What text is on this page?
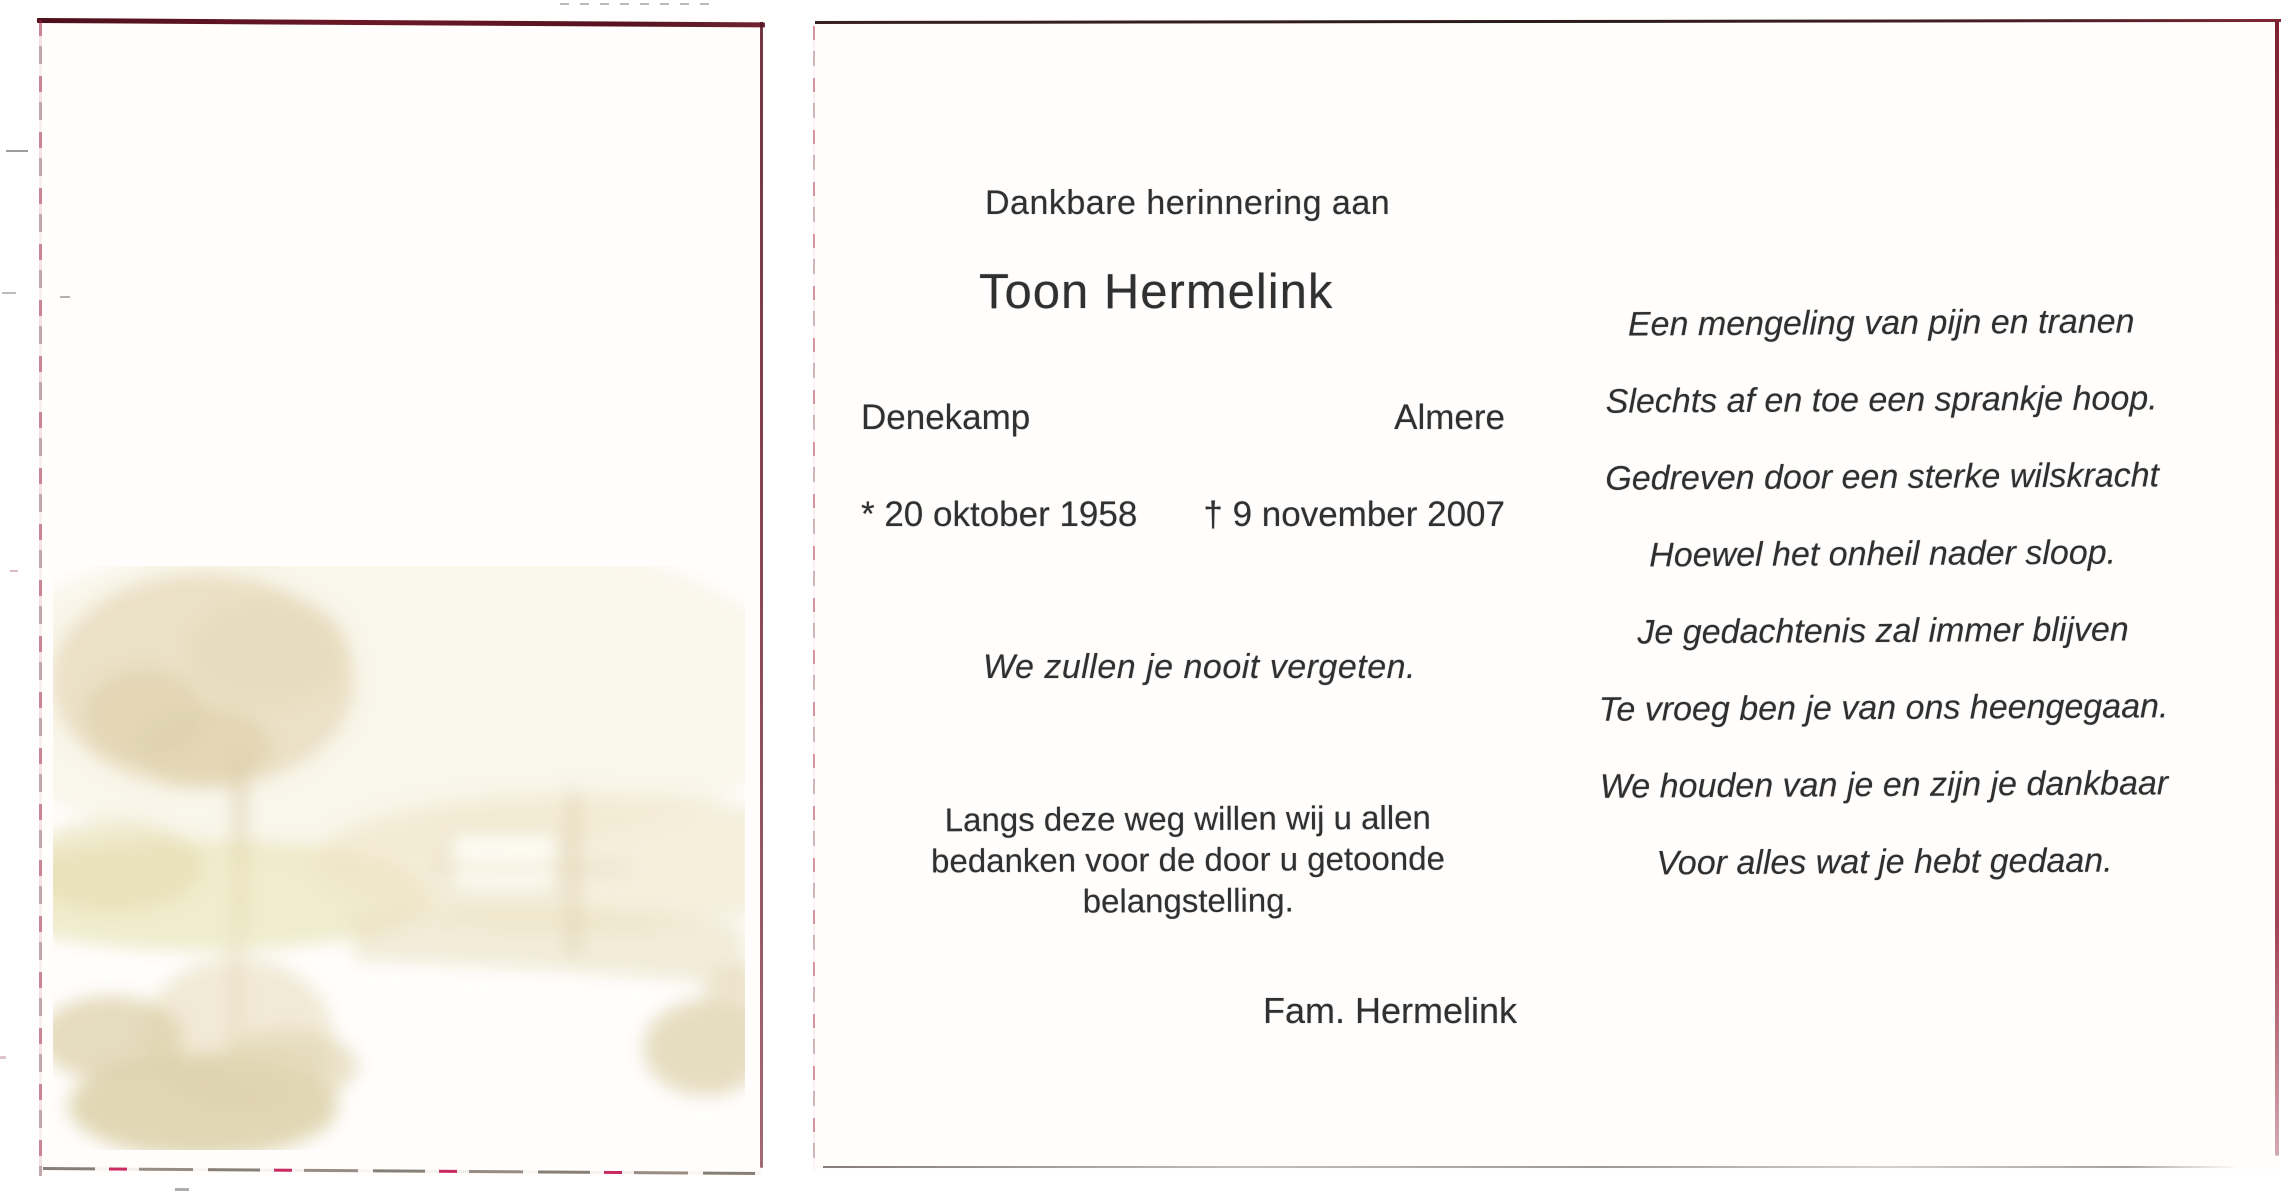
Dankbare herinnering aan
Toon Hermelink
Denekamp	Almere
* 20 oktober 1958 † 9 november 2007
We zullen je nooit vergeten.
Langs deze weg willen wij u allen
bedanken voor de door u getoonde
belangstelling.
Fam. Hermelink
Een mengeling van pijn en tranen
Slechts af en toe een sprankje hoop.
Gedreven door een sterke wilskracht
Hoewel het onheil nader sloop.
Je gedachtenis zal immer blijven
Te vroeg ben je van ons heengegaan.
We houden van je en zijn je dankbaar
Voor alles wat je hebt gedaan.
